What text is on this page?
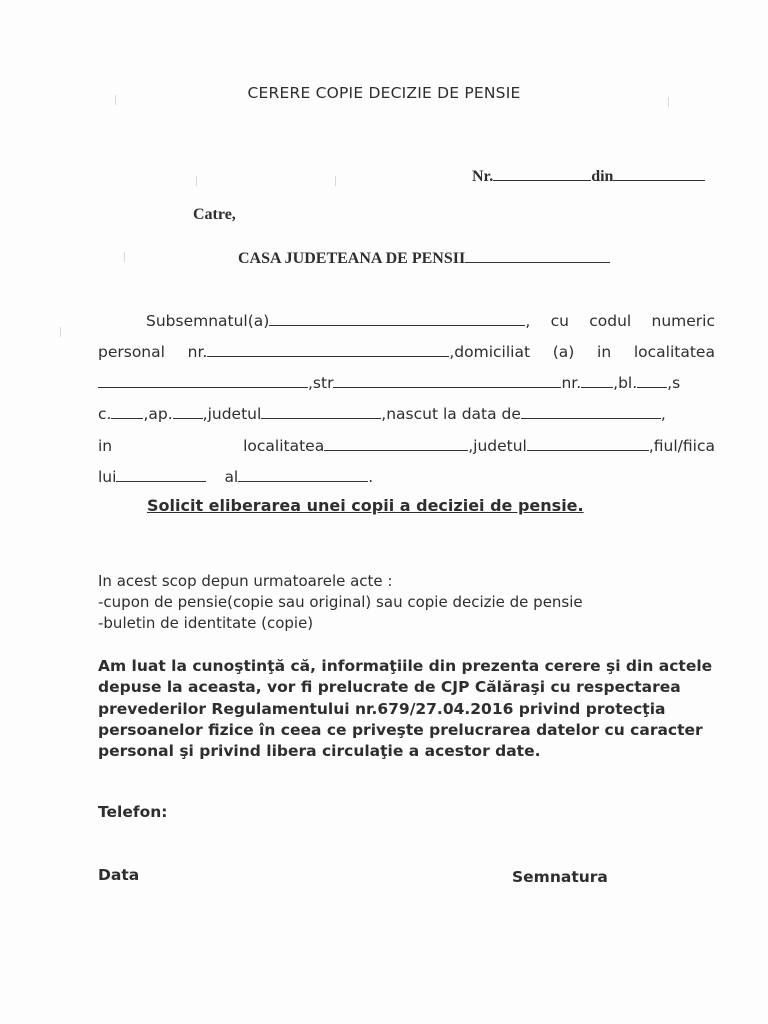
CERERE COPIE DECIZIE DE PENSIE
Nr.	din
Catre,
CASA JUDETEANA DE PENSII
Subsemnatul(a)	, cu codul numeric
personal nr.	,domiciliat (a) in localitatea
,str	nr. ,bl. ,s
c. ,ap. ,judetul	,nascut la data de	,
in	localitatea	,judetul	,fiul/fiica
lui	al	.
Solicit eliberarea unei copii a deciziei de pensie.
In acest scop depun urmatoarele acte :
-cupon de pensie(copie sau original) sau copie decizie de pensie
-buletin de identitate (copie)
Am luat la cunoştinţă că, informaţiile din prezenta cerere şi din actele depuse la aceasta, vor fi prelucrate de CJP Călăraşi cu respectarea prevederilor Regulamentului nr.679/27.04.2016 privind protecţia persoanelor fizice în ceea ce priveşte prelucrarea datelor cu caracter personal şi privind libera circulaţie a acestor date.
Telefon:
Data	Semnatura
